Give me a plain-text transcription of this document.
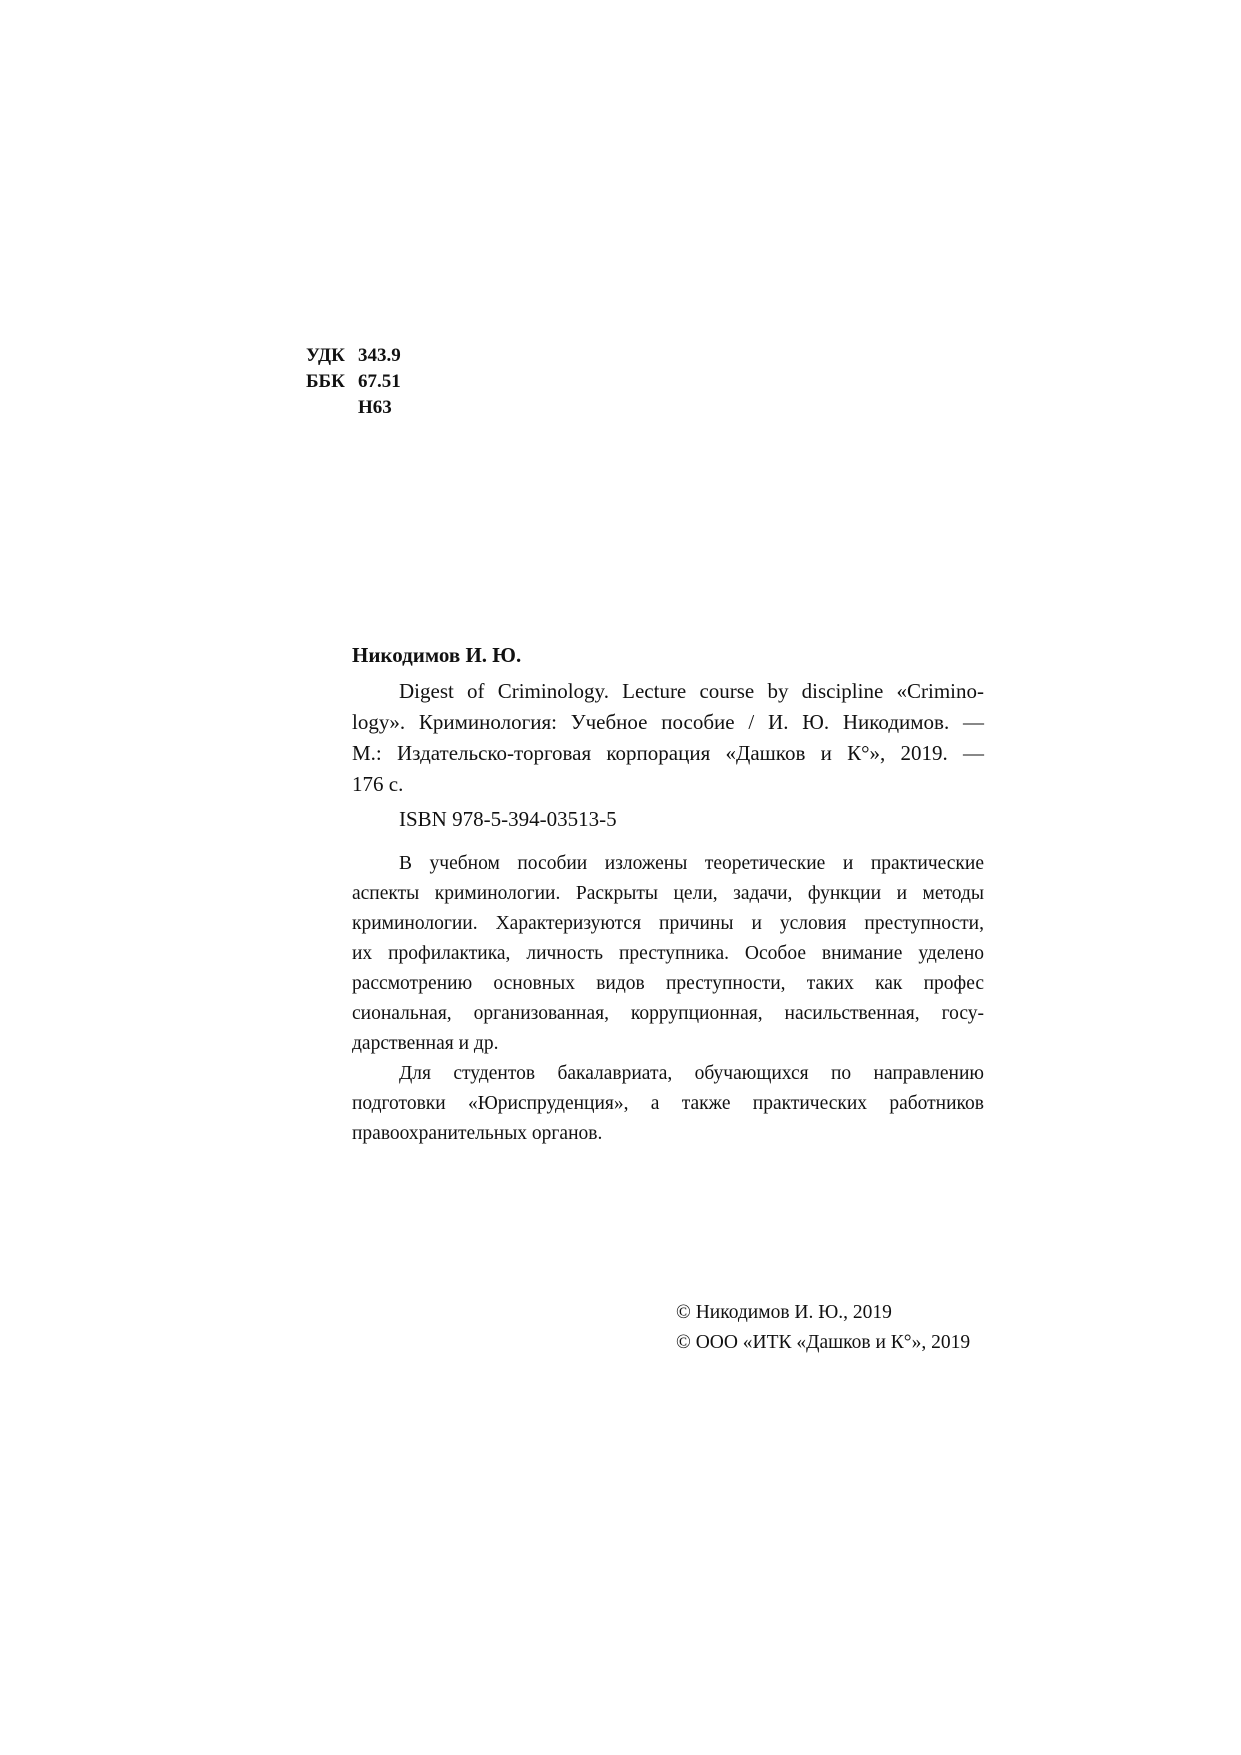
УДК 343.9
ББК 67.51
Н63
Никодимов И. Ю.
Digest of Criminology. Lecture course by discipline «Crimino-
logy». Криминология: Учебное пособие / И. Ю. Никодимов. —
М.: Издательско-торговая корпорация «Дашков и К°», 2019. —
176 с.
ISBN 978-5-394-03513-5
В учебном пособии изложены теоретические и практические
аспекты криминологии. Раскрыты цели, задачи, функции и методы
криминологии. Характеризуются причины и условия преступности,
их профилактика, личность преступника. Особое внимание уделено
рассмотрению основных видов преступности, таких как профес
сиональная, организованная, коррупционная, насильственная, госу-
дарственная и др.
Для студентов бакалавриата, обучающихся по направлению
подготовки «Юриспруденция», а также практических работников
правоохранительных органов.
© Никодимов И. Ю., 2019
© ООО «ИТК «Дашков и К°», 2019
